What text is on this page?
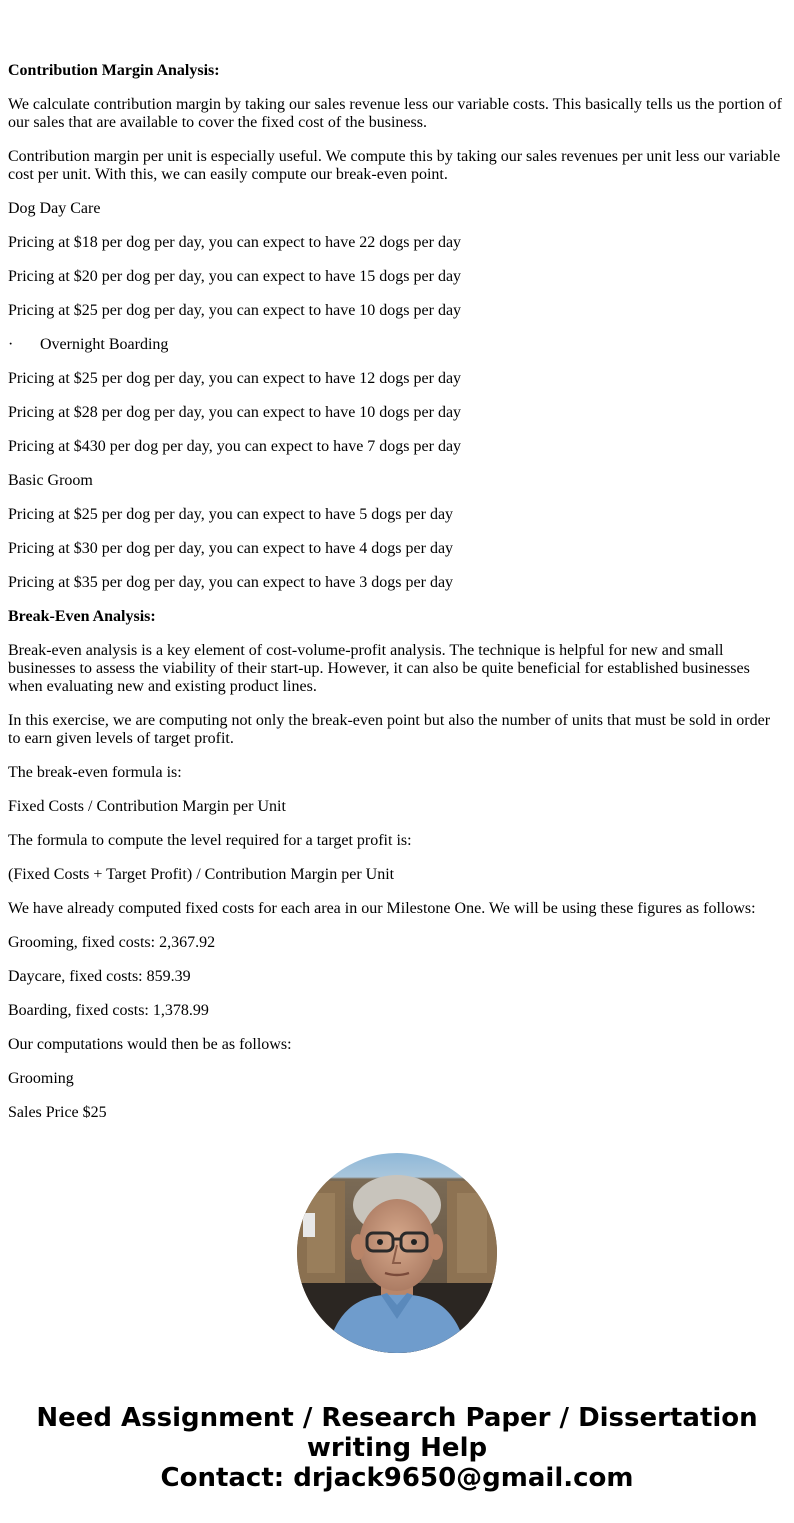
Contribution Margin Analysis:

We calculate contribution margin by taking our sales revenue less our variable costs. This basically tells us the portion of our sales that are available to cover the fixed cost of the business.

Contribution margin per unit is especially useful. We compute this by taking our sales revenues per unit less our variable cost per unit. With this, we can easily compute our break-even point.

Dog Day Care

Pricing at $18 per dog per day, you can expect to have 22 dogs per day

Pricing at $20 per dog per day, you can expect to have 15 dogs per day

Pricing at $25 per dog per day, you can expect to have 10 dogs per day

·	Overnight Boarding

Pricing at $25 per dog per day, you can expect to have 12 dogs per day

Pricing at $28 per dog per day, you can expect to have 10 dogs per day

Pricing at $430 per dog per day, you can expect to have 7 dogs per day

Basic Groom

Pricing at $25 per dog per day, you can expect to have 5 dogs per day

Pricing at $30 per dog per day, you can expect to have 4 dogs per day

Pricing at $35 per dog per day, you can expect to have 3 dogs per day

Break-Even Analysis:

Break-even analysis is a key element of cost-volume-profit analysis. The technique is helpful for new and small businesses to assess the viability of their start-up. However, it can also be quite beneficial for established businesses when evaluating new and existing product lines.

In this exercise, we are computing not only the break-even point but also the number of units that must be sold in order to earn given levels of target profit.

The break-even formula is:

Fixed Costs / Contribution Margin per Unit

The formula to compute the level required for a target profit is:

(Fixed Costs + Target Profit) / Contribution Margin per Unit

We have already computed fixed costs for each area in our Milestone One. We will be using these figures as follows:

Grooming, fixed costs: 2,367.92

Daycare, fixed costs: 859.39

Boarding, fixed costs: 1,378.99

Our computations would then be as follows:

Grooming

Sales Price $25

Need Assignment / Research Paper / Dissertation
writing Help
Contact: drjack9650@gmail.com
